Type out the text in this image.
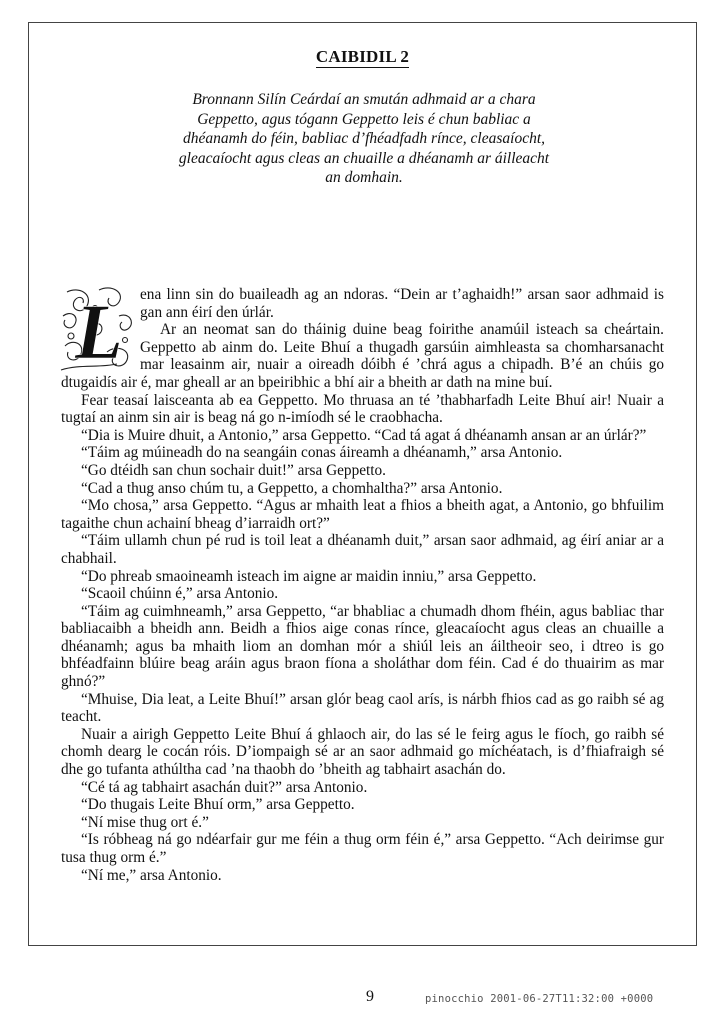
CAIBIDIL 2
Bronnann Silín Ceárdaí an smután adhmaid ar a chara Geppetto, agus tógann Geppetto leis é chun babliac a dhéanamh do féin, babliac d’fhéadfadh rínce, cleasaíocht, gleacaíocht agus cleas an chuaille a dhéanamh ar áilleacht an domhain.

L ena linn sin do buaileadh ag an ndoras. “Dein ar t’aghaidh!” arsan saor adhmaid is gan ann éirí den úrlár.

Ar an neomat san do tháinig duine beag foirithe anamúil isteach sa cheártain. Geppetto ab ainm do. Leite Bhuí a thugadh garsúin aimhleasta sa chomharsanacht mar leasainm air, nuair a oireadh dóibh é ’chrá agus a chipadh. B’é an chúis go dtugaidís air é, mar gheall ar an bpeiribhic a bhí air a bheith ar dath na mine buí.

Fear teasaí laisceanta ab ea Geppetto. Mo thruasa an té ’thabharfadh Leite Bhuí air! Nuair a tugtaí an ainm sin air is beag ná go n-imíodh sé le craobhacha.

“Dia is Muire dhuit, a Antonio,” arsa Geppetto. “Cad tá agat á dhéanamh ansan ar an úrlár?”

“Táim ag múineadh do na seangáin conas áireamh a dhéanamh,” arsa Antonio.

“Go dtéidh san chun sochair duit!” arsa Geppetto.

“Cad a thug anso chúm tu, a Geppetto, a chomhaltha?” arsa Antonio.

“Mo chosa,” arsa Geppetto. “Agus ar mhaith leat a fhios a bheith agat, a Antonio, go bhfuilim tagaithe chun achainí bheag d’iarraidh ort?”

“Táim ullamh chun pé rud is toil leat a dhéanamh duit,” arsan saor adhmaid, ag éirí aniar ar a chabhail.

“Do phreab smaoineamh isteach im aigne ar maidin inniu,” arsa Geppetto.

“Scaoil chúinn é,” arsa Antonio.

“Táim ag cuimhneamh,” arsa Geppetto, “ar bhabliac a chumadh dhom fhéin, agus babliac thar babliacaibh a bheidh ann. Beidh a fhios aige conas rínce, gleacaíocht agus cleas an chuaille a dhéanamh; agus ba mhaith liom an domhan mór a shiúl leis an áiltheoir seo, i dtreo is go bhféadfainn blúire beag aráin agus braon fíona a sholáthar dom féin. Cad é do thuairim as mar ghnó?”

“Mhuise, Dia leat, a Leite Bhuí!” arsan glór beag caol arís, is nárbh fhios cad as go raibh sé ag teacht.

Nuair a airigh Geppetto Leite Bhuí á ghlaoch air, do las sé le feirg agus le fíoch, go raibh sé chomh dearg le cocán róis. D’iompaigh sé ar an saor adhmaid go míchéatach, is d’fhiafraigh sé dhe go tufanta athúltha cad ’na thaobh do ’bheith ag tabhairt asachán do.

“Cé tá ag tabhairt asachán duit?” arsa Antonio.

“Do thugais Leite Bhuí orm,” arsa Geppetto.

“Ní mise thug ort é.”

“Is róbheag ná go ndéarfair gur me féin a thug orm féin é,” arsa Geppetto. “Ach deirimse gur tusa thug orm é.”

“Ní me,” arsa Antonio.

9	pinocchio 2001-06-27T11:32:00 +0000
